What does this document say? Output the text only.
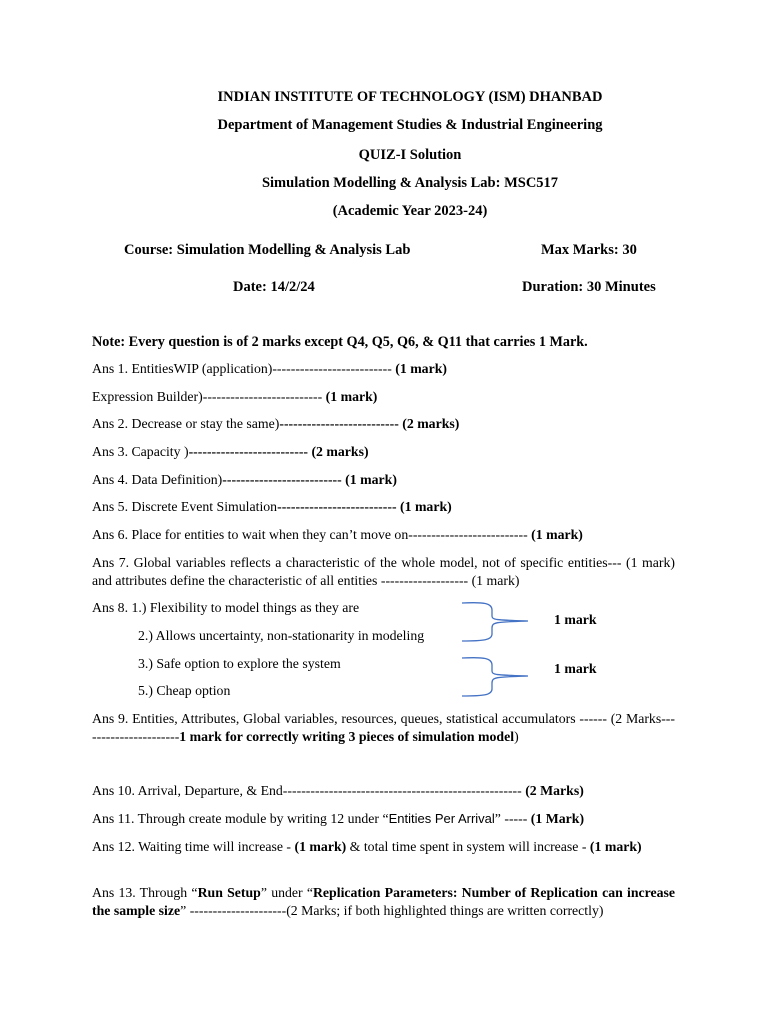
INDIAN INSTITUTE OF TECHNOLOGY (ISM) DHANBAD
Department of Management Studies & Industrial Engineering
QUIZ-I Solution
Simulation Modelling & Analysis Lab: MSC517
(Academic Year 2023-24)
Course: Simulation Modelling & Analysis Lab	Max Marks: 30
Date: 14/2/24	Duration: 30 Minutes
Note: Every question is of 2 marks except Q4, Q5, Q6, & Q11 that carries 1 Mark.
Ans 1. EntitiesWIP (application)-------------------------- (1 mark)
Expression Builder)-------------------------- (1 mark)
Ans 2. Decrease or stay the same)-------------------------- (2 marks)
Ans 3. Capacity )-------------------------- (2 marks)
Ans 4. Data Definition)-------------------------- (1 mark)
Ans 5. Discrete Event Simulation-------------------------- (1 mark)
Ans 6. Place for entities to wait when they can’t move on-------------------------- (1 mark)
Ans 7. Global variables reflects a characteristic of the whole model, not of specific entities--- (1 mark) and attributes define the characteristic of all entities ------------------- (1 mark)
Ans 8. 1.) Flexibility to model things as they are
2.) Allows uncertainty, non-stationarity in modeling
3.) Safe option to explore the system
5.) Cheap option
1 mark
1 mark
Ans 9. Entities, Attributes, Global variables, resources, queues, statistical accumulators ------ (2 Marks----------------------1 mark for correctly writing 3 pieces of simulation model)
Ans 10. Arrival, Departure, & End---------------------------------------------------- (2 Marks)
Ans 11. Through create module by writing 12 under “Entities Per Arrival” ----- (1 Mark)
Ans 12. Waiting time will increase - (1 mark) & total time spent in system will increase - (1 mark)
Ans 13. Through “Run Setup” under “Replication Parameters: Number of Replication can increase the sample size” ---------------------(2 Marks; if both highlighted things are written correctly)
